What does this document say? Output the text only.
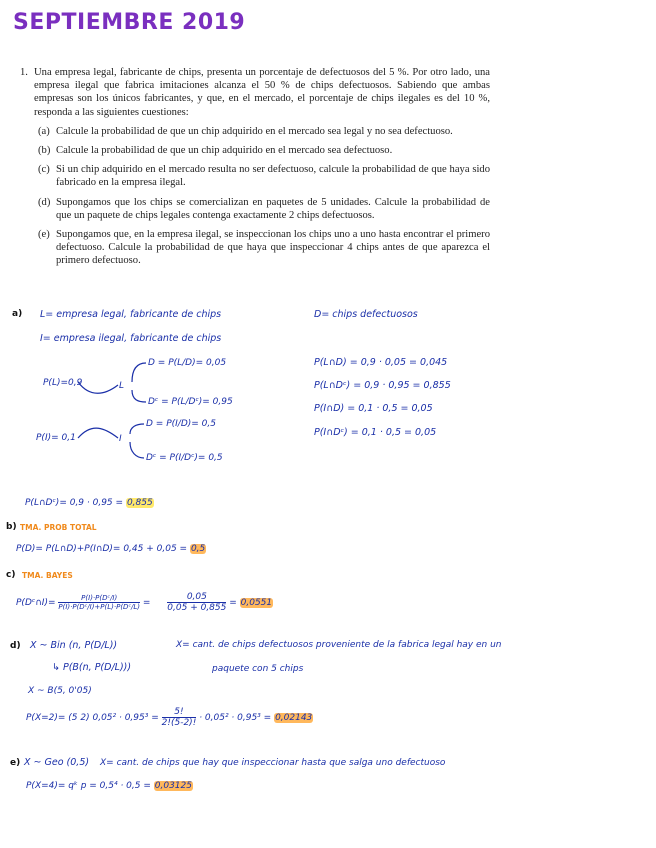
SEPTIEMBRE 2019
1. Una empresa legal, fabricante de chips, presenta un porcentaje de defectuosos del 5 %. Por otro lado, una empresa ilegal que fabrica imitaciones alcanza el 50 % de chips defectuosos. Sabiendo que ambas empresas son los únicos fabricantes, y que, en el mercado, el porcentaje de chips ilegales es del 10 %, responda a las siguientes cuestiones:
(a) Calcule la probabilidad de que un chip adquirido en el mercado sea legal y no sea defectuoso.
(b) Calcule la probabilidad de que un chip adquirido en el mercado sea defectuoso.
(c) Si un chip adquirido en el mercado resulta no ser defectuoso, calcule la probabilidad de que haya sido fabricado en la empresa ilegal.
(d) Supongamos que los chips se comercializan en paquetes de 5 unidades. Calcule la probabilidad de que un paquete de chips legales contenga exactamente 2 chips defectuosos.
(e) Supongamos que, en la empresa ilegal, se inspeccionan los chips uno a uno hasta encontrar el primero defectuoso. Calcule la probabilidad de que haya que inspeccionar 4 chips antes de que aparezca el primero defectuoso.
a) L= empresa legal, fabricante de chips	D= chips defectuosos
I= empresa ilegal, fabricante de chips
P(L)=0,9	L
P(I)= 0,1	I
D = P(L/D)= 0,05
Dᶜ = P(L/Dᶜ)= 0,95
D = P(I/D)= 0,5
Dᶜ = P(I/Dᶜ)= 0,5
P(L∩D) = 0,9 · 0,05 = 0,045
P(L∩Dᶜ) = 0,9 · 0,95 = 0,855
P(I∩D) = 0,1 · 0,5 = 0,05
P(I∩Dᶜ) = 0,1 · 0,5 = 0,05
P(L∩Dᶜ)= 0,9 · 0,95 = 0,855
b) TMA. PROB TOTAL
P(D)= P(L∩D)+P(I∩D)= 0,45 + 0,05 = 0,5
c) TMA. BAYES
P(Dᶜ∩I)= $\frac{\text{P(I)·P(Dᶜ/I)}}{\text{P(I)·P(Dᶜ/I)+P(L)·P(Dᶜ/L)}} = \frac{0,05}{0,05 + 0,855} = 0,0551$
d) X ~ Bin (n, P(D/L))	X= cant. de chips defectuosos proveniente de la fabrica legal hay en un
paquete con 5 chips
↳ P(B(n, P(D/L)))
X ~ B(5, 0'05)
P(X=2)= (5 2) $0,05^2 \cdot 0,95^3 = \frac{5!}{2!(5-2)!} \cdot 0,05^2 \cdot 0,95^3 = 0,02143$
e) X ~ Geo (0,5) X= cant. de chips que hay que inspeccionar hasta que salga uno defectuoso
P(X=4)= qᵏ p = 0,5⁴ · 0,5 = 0,03125
